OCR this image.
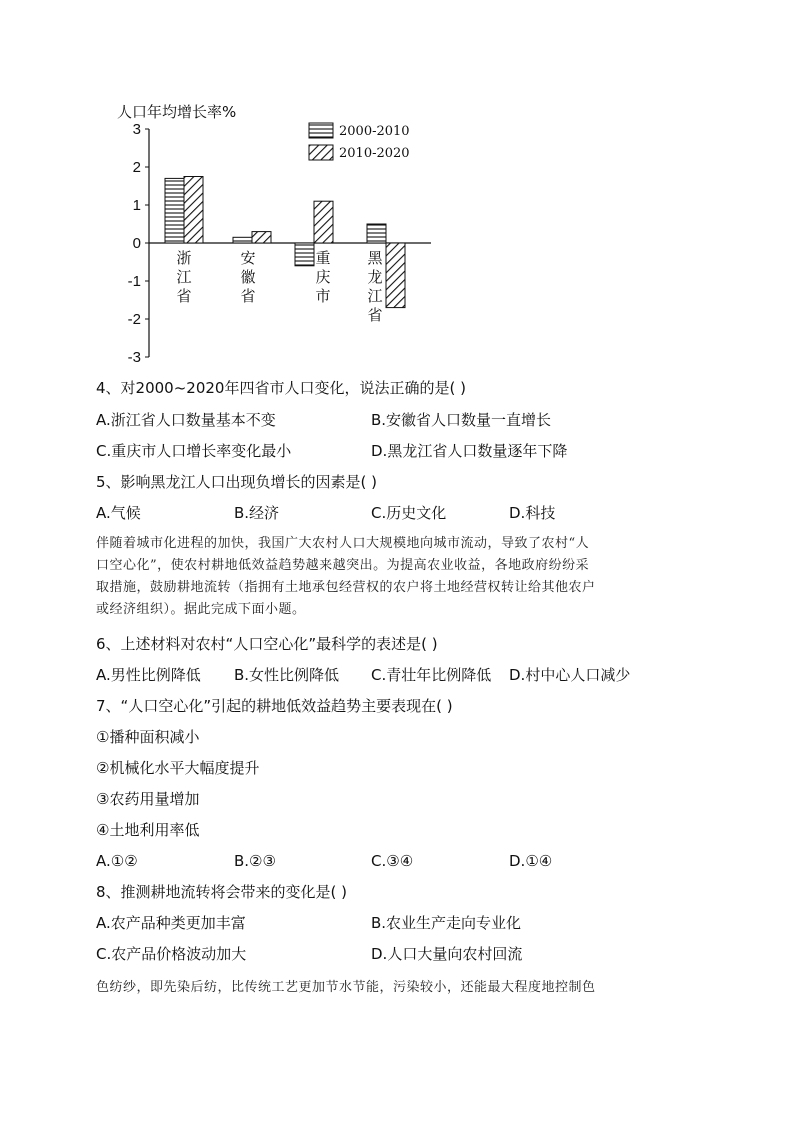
人口年均增长率%
3
2
1
0
-1
-2
-3
浙江省
安徽省
重庆市
黑龙江省
2000-2010
2010-2020
4、对2000~2020年四省市人口变化，说法正确的是( )
A.浙江省人口数量基本不变	B.安徽省人口数量一直增长
C.重庆市人口增长率变化最小	D.黑龙江省人口数量逐年下降
5、影响黑龙江人口出现负增长的因素是( )
A.气候	B.经济	C.历史文化	D.科技
伴随着城市化进程的加快，我国广大农村人口大规模地向城市流动，导致了农村“人
口空心化”，使农村耕地低效益趋势越来越突出。为提高农业收益，各地政府纷纷采
取措施，鼓励耕地流转（指拥有土地承包经营权的农户将土地经营权转让给其他农户
或经济组织）。据此完成下面小题。
6、上述材料对农村“人口空心化”最科学的表述是( )
A.男性比例降低 B.女性比例降低 C.青壮年比例降低 D.村中心人口减少
7、“人口空心化”引起的耕地低效益趋势主要表现在( )
①播种面积减小
②机械化水平大幅度提升
③农药用量增加
④土地利用率低
A.①②	B.②③	C.③④	D.①④
8、推测耕地流转将会带来的变化是( )
A.农产品种类更加丰富	B.农业生产走向专业化
C.农产品价格波动加大	D.人口大量向农村回流
色纺纱，即先染后纺，比传统工艺更加节水节能，污染较小，还能最大程度地控制色
